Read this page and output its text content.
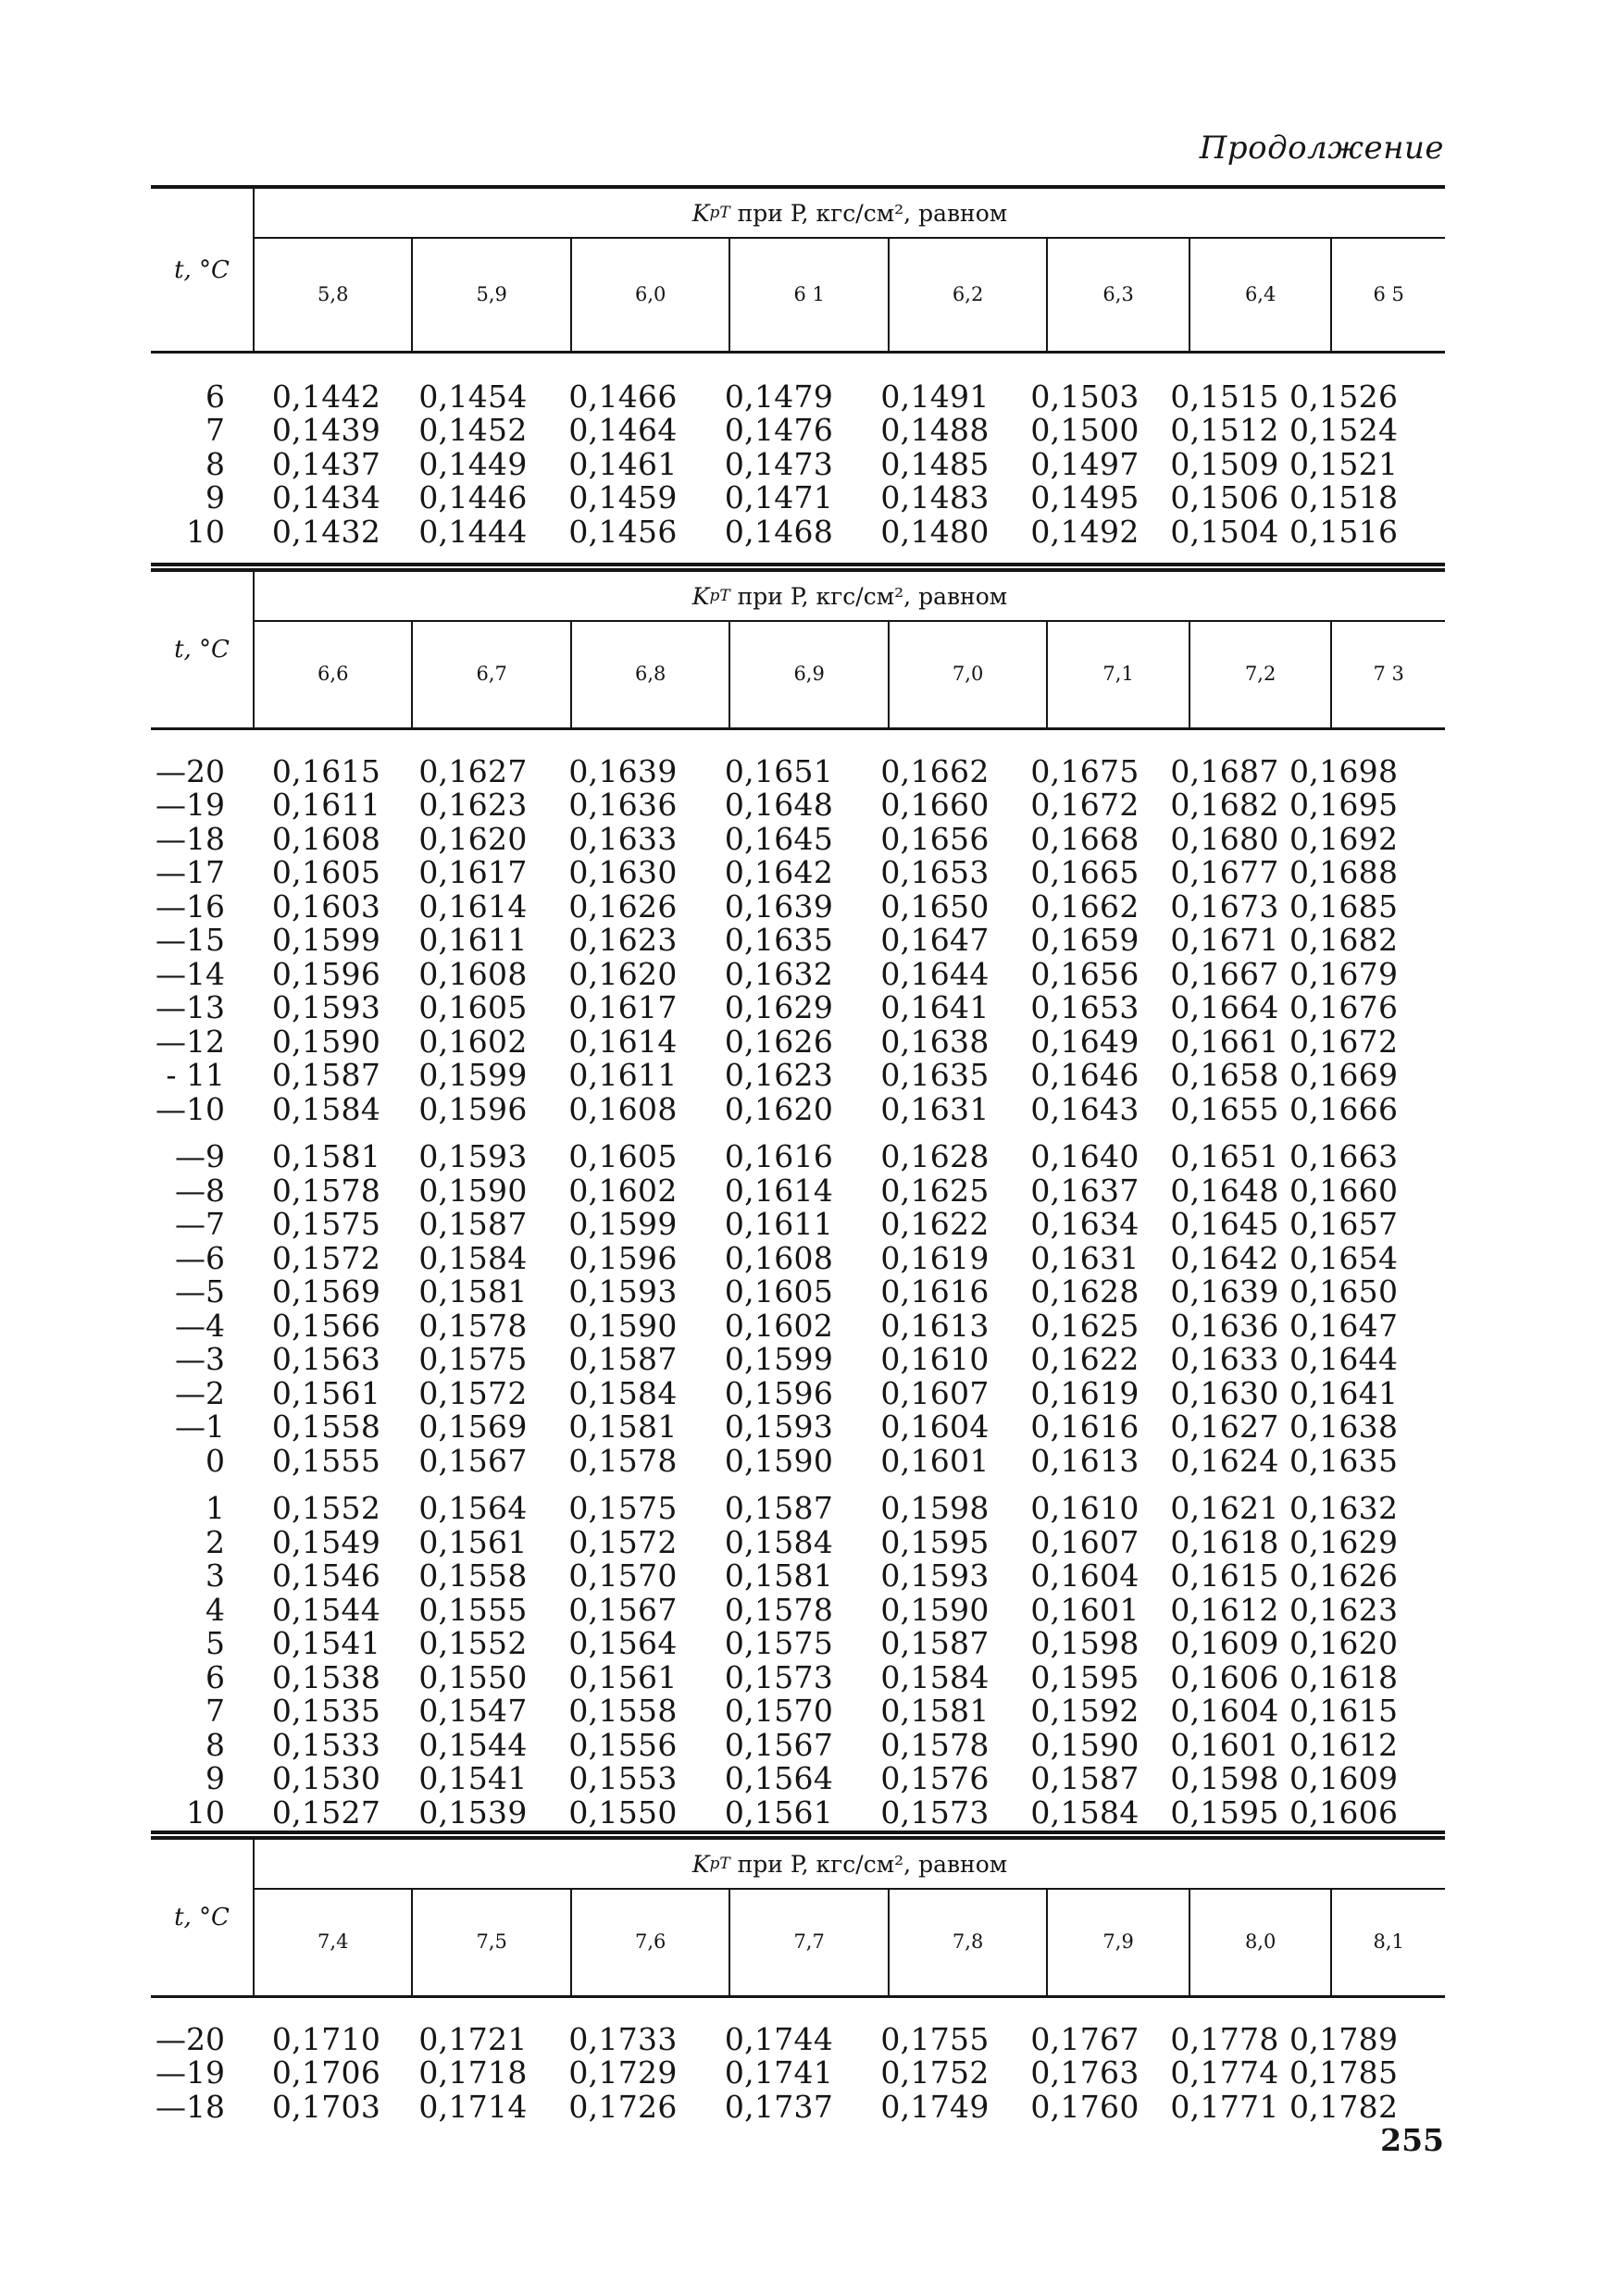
Продолжение
t, °C
K pT при P, кгс/см², равном
5,8	5,9	6,0	6 1	6,2	6,3	6,4	6 5
6	0,1442	0,1454	0,1466	0,1479	0,1491	0,1503	0,1515 0,1526
7	0,1439	0,1452	0,1464	0,1476	0,1488	0,1500	0,1512 0,1524
8	0,1437	0,1449	0,1461	0,1473	0,1485	0,1497	0,1509 0,1521
9	0,1434	0,1446	0,1459	0,1471	0,1483	0,1495	0,1506 0,1518
10	0,1432	0,1444	0,1456	0,1468	0,1480	0,1492	0,1504 0,1516
t, °C
K pT при P, кгс/см², равном
6,6	6,7	6,8	6,9	7,0	7,1	7,2	7 3
—20	0,1615	0,1627	0,1639	0,1651	0,1662	0,1675	0,1687 0,1698
—19	0,1611	0,1623	0,1636	0,1648	0,1660	0,1672	0,1682 0,1695
—18	0,1608	0,1620	0,1633	0,1645	0,1656	0,1668	0,1680 0,1692
—17	0,1605	0,1617	0,1630	0,1642	0,1653	0,1665	0,1677 0,1688
—16	0,1603	0,1614	0,1626	0,1639	0,1650	0,1662	0,1673 0,1685
—15	0,1599	0,1611	0,1623	0,1635	0,1647	0,1659	0,1671 0,1682
—14	0,1596	0,1608	0,1620	0,1632	0,1644	0,1656	0,1667 0,1679
—13	0,1593	0,1605	0,1617	0,1629	0,1641	0,1653	0,1664 0,1676
—12	0,1590	0,1602	0,1614	0,1626	0,1638	0,1649	0,1661 0,1672
- 11	0,1587	0,1599	0,1611	0,1623	0,1635	0,1646	0,1658 0,1669
—10	0,1584	0,1596	0,1608	0,1620	0,1631	0,1643	0,1655 0,1666
—9	0,1581	0,1593	0,1605	0,1616	0,1628	0,1640	0,1651 0,1663
—8	0,1578	0,1590	0,1602	0,1614	0,1625	0,1637	0,1648 0,1660
—7	0,1575	0,1587	0,1599	0,1611	0,1622	0,1634	0,1645 0,1657
—6	0,1572	0,1584	0,1596	0,1608	0,1619	0,1631	0,1642 0,1654
—5	0,1569	0,1581	0,1593	0,1605	0,1616	0,1628	0,1639 0,1650
—4	0,1566	0,1578	0,1590	0,1602	0,1613	0,1625	0,1636 0,1647
—3	0,1563	0,1575	0,1587	0,1599	0,1610	0,1622	0,1633 0,1644
—2	0,1561	0,1572	0,1584	0,1596	0,1607	0,1619	0,1630 0,1641
—1	0,1558	0,1569	0,1581	0,1593	0,1604	0,1616	0,1627 0,1638
0	0,1555	0,1567	0,1578	0,1590	0,1601	0,1613	0,1624 0,1635
1	0,1552	0,1564	0,1575	0,1587	0,1598	0,1610	0,1621 0,1632
2	0,1549	0,1561	0,1572	0,1584	0,1595	0,1607	0,1618 0,1629
3	0,1546	0,1558	0,1570	0,1581	0,1593	0,1604	0,1615 0,1626
4	0,1544	0,1555	0,1567	0,1578	0,1590	0,1601	0,1612 0,1623
5	0,1541	0,1552	0,1564	0,1575	0,1587	0,1598	0,1609 0,1620
6	0,1538	0,1550	0,1561	0,1573	0,1584	0,1595	0,1606 0,1618
7	0,1535	0,1547	0,1558	0,1570	0,1581	0,1592	0,1604 0,1615
8	0,1533	0,1544	0,1556	0,1567	0,1578	0,1590	0,1601 0,1612
9	0,1530	0,1541	0,1553	0,1564	0,1576	0,1587	0,1598 0,1609
10	0,1527	0,1539	0,1550	0,1561	0,1573	0,1584	0,1595 0,1606
t, °C
K pT при P, кгс/см², равном
7,4	7,5	7,6	7,7	7,8	7,9	8,0	8,1
—20	0,1710	0,1721	0,1733	0,1744	0,1755	0,1767	0,1778 0,1789
—19	0,1706	0,1718	0,1729	0,1741	0,1752	0,1763	0,1774 0,1785
—18	0,1703	0,1714	0,1726	0,1737	0,1749	0,1760	0,1771 0,1782
255
